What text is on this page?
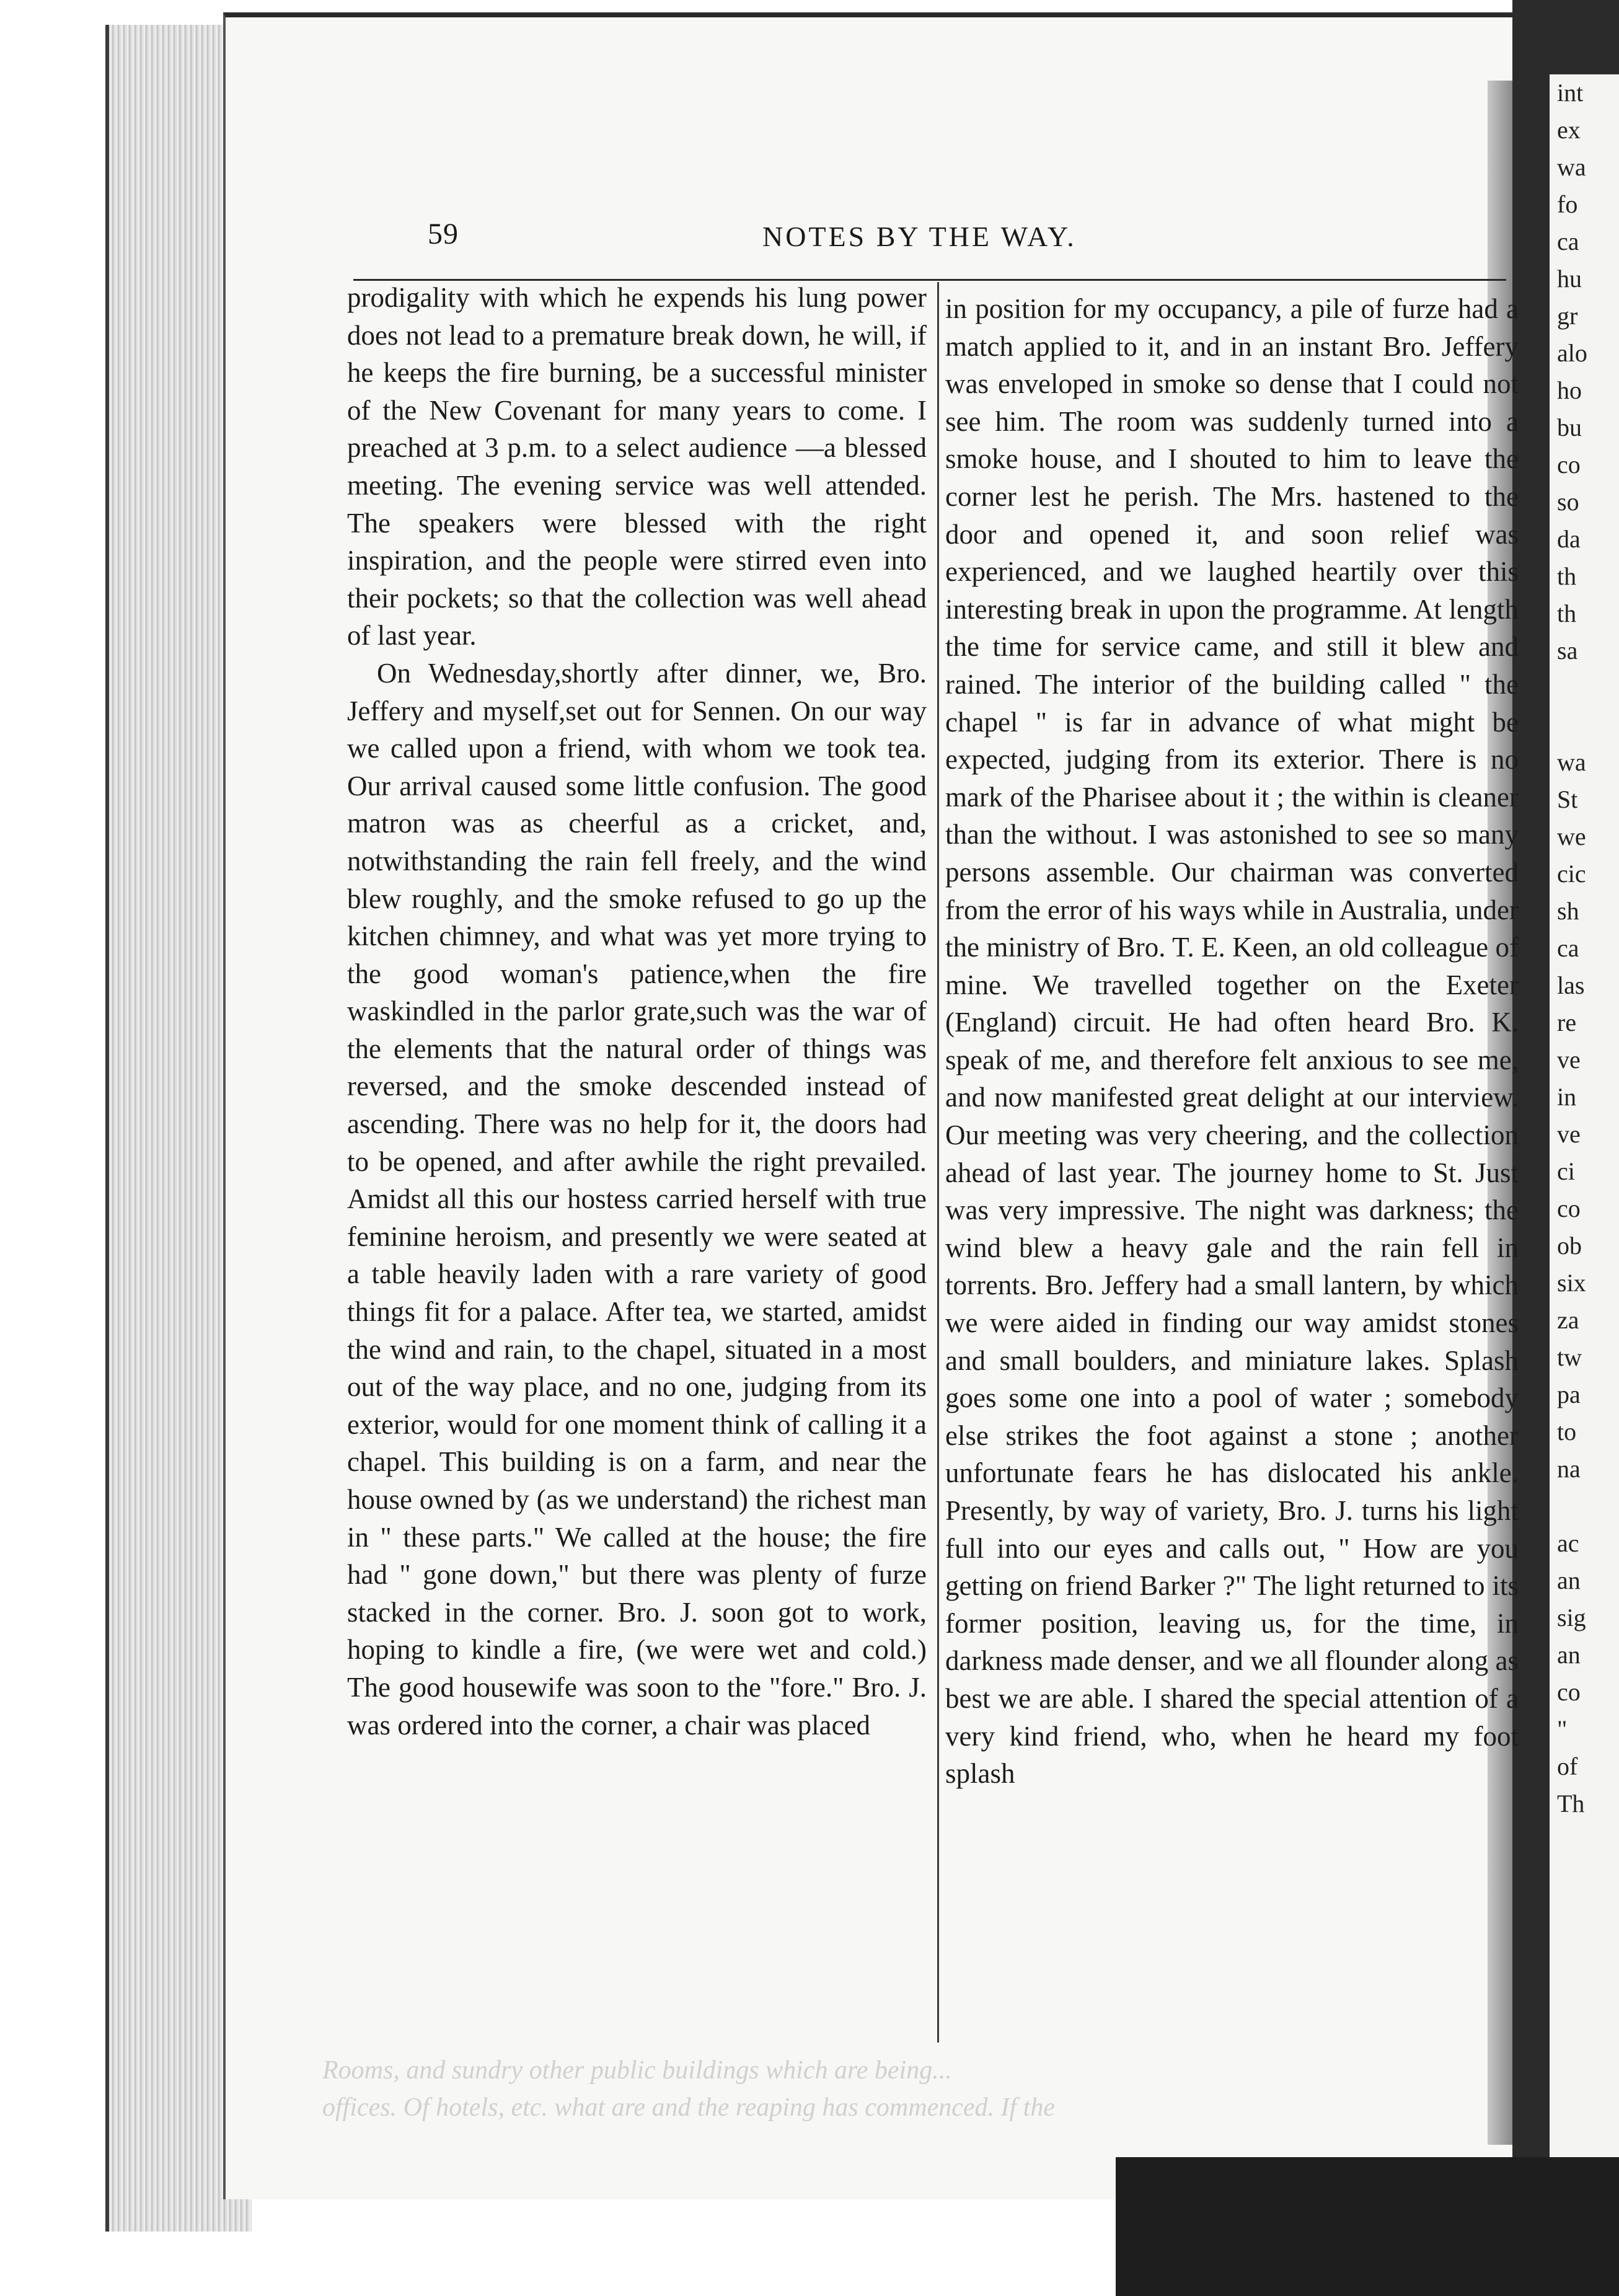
int
ex
wa
fo
ca
hu
gr
alo
ho
bu
co
so
da
th
th
sa

wa
St
we
cic
sh
ca
las
re
ve
in
ve
ci
co
ob
six
za
tw
pa
to
na

ac
an
sig
an
co
"
of
Th
59	NOTES BY THE WAY.

prodigality with which he expends his lung power does not lead to a premature break down, he will, if he keeps the fire burning, be a successful minister of the New Covenant for many years to come. I preached at 3 p.m. to a select audience —a blessed meeting. The evening service was well attended. The speakers were blessed with the right inspiration, and the people were stirred even into their pockets; so that the collection was well ahead of last year.

On Wednesday,shortly after dinner, we, Bro. Jeffery and myself,set out for Sennen. On our way we called upon a friend, with whom we took tea. Our arrival caused some little confusion. The good matron was as cheerful as a cricket, and, notwithstanding the rain fell freely, and the wind blew roughly, and the smoke refused to go up the kitchen chimney, and what was yet more trying to the good woman's patience,when the fire waskindled in the parlor grate,such was the war of the elements that the natural order of things was reversed, and the smoke descended instead of ascending. There was no help for it, the doors had to be opened, and after awhile the right prevailed. Amidst all this our hostess carried herself with true feminine heroism, and presently we were seated at a table heavily laden with a rare variety of good things fit for a palace. After tea, we started, amidst the wind and rain, to the chapel, situated in a most out of the way place, and no one, judging from its exterior, would for one moment think of calling it a chapel. This building is on a farm, and near the house owned by (as we understand) the richest man in " these parts." We called at the house; the fire had " gone down," but there was plenty of furze stacked in the corner. Bro. J. soon got to work, hoping to kindle a fire, (we were wet and cold.) The good housewife was soon to the "fore." Bro. J. was ordered into the corner, a chair was placed

in position for my occupancy, a pile of furze had a match applied to it, and in an instant Bro. Jeffery was enveloped in smoke so dense that I could not see him. The room was suddenly turned into a smoke house, and I shouted to him to leave the corner lest he perish. The Mrs. hastened to the door and opened it, and soon relief was experienced, and we laughed heartily over this interesting break in upon the programme. At length the time for service came, and still it blew and rained. The interior of the building called " the chapel " is far in advance of what might be expected, judging from its exterior. There is no mark of the Pharisee about it ; the within is cleaner than the without. I was astonished to see so many persons assemble. Our chairman was converted from the error of his ways while in Australia, under the ministry of Bro. T. E. Keen, an old colleague of mine. We travelled together on the Exeter (England) circuit. He had often heard Bro. K. speak of me, and therefore felt anxious to see me, and now manifested great delight at our interview. Our meeting was very cheering, and the collection ahead of last year. The journey home to St. Just was very impressive. The night was darkness; the wind blew a heavy gale and the rain fell in torrents. Bro. Jeffery had a small lantern, by which we were aided in finding our way amidst stones and small boulders, and miniature lakes. Splash goes some one into a pool of water ; somebody else strikes the foot against a stone ; another unfortunate fears he has dislocated his ankle. Presently, by way of variety, Bro. J. turns his light full into our eyes and calls out, " How are you getting on friend Barker ?" The light returned to its former position, leaving us, for the time, in darkness made denser, and we all flounder along as best we are able. I shared the special attention of a very kind friend, who, when he heard my foot splash

Rooms, and sundry other public buildings which are being...
offices. Of hotels, etc. what are and the reaping has commenced. If the
